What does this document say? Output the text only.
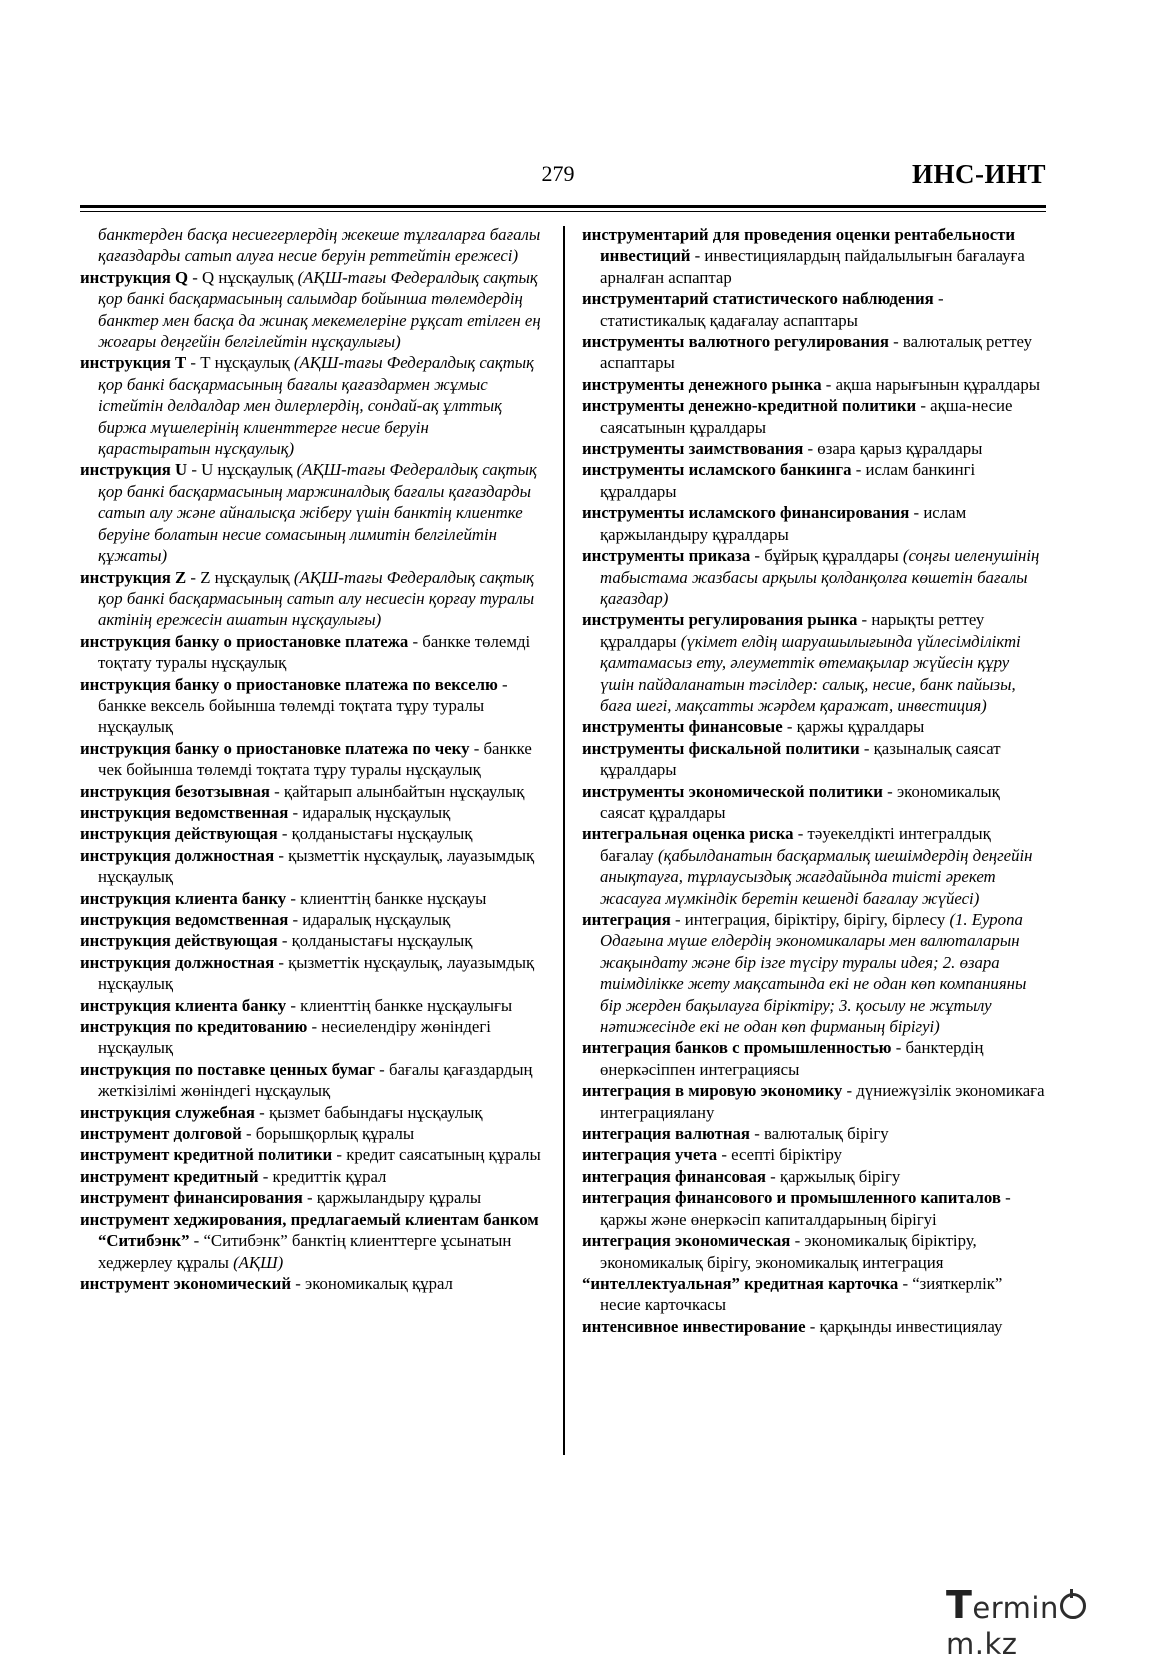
279	ИНС-ИНТ

банктерден басқа несиегерлердің жекеше тұлғаларға бағалы қағаздарды сатып алуға несие беруін реттейтін ережесі)

инструкция Q - Q нұсқаулық (АҚШ-тағы Федералдық сақтық қор банкі басқармасының салымдар бойынша төлемдердің банктер мен басқа да жинақ мекемелеріне рұқсат етілген ең жоғары деңгейін белгілейтін нұсқаулығы)

инструкция Т - Т нұсқаулық (АҚШ-тағы Федералдық сақтық қор банкі басқармасының бағалы қағаздармен жұмыс істейтін делдалдар мен дилерлердің, сондай-ақ ұлттық биржа мүшелерінің клиенттерге несие беруін қарастыратын нұсқаулық)

инструкция U - U нұсқаулық (АҚШ-тағы Федералдық сақтық қор банкі басқармасының маржиналдық бағалы қағаздарды сатып алу және айналысқа жіберу үшін банктің клиентке беруіне болатын несие сомасының лимитін белгілейтін құжаты)

инструкция Z - Z нұсқаулық (АҚШ-тағы Федералдық сақтық қор банкі басқармасының сатып алу несиесін қорғау туралы актінің ережесін ашатын нұсқаулығы)

инструкция банку о приостановке платежа - банкке төлемді тоқтату туралы нұсқаулық

инструкция банку о приостановке платежа по векселю - банкке вексель бойынша төлемді тоқтата тұру туралы нұсқаулық

инструкция банку о приостановке платежа по чеку - банкке чек бойынша төлемді тоқтата тұру туралы нұсқаулық

инструкция безотзывная - қайтарып алынбайтын нұсқаулық

инструкция ведомственная - идаралық нұсқаулық

инструкция действующая - қолданыстағы нұсқаулық

инструкция должностная - қызметтік нұсқаулық, лауазымдық нұсқаулық

инструкция клиента банку - клиенттің банкке нұсқауы

инструкция ведомственная - идаралық нұсқаулық

инструкция действующая - қолданыстағы нұсқаулық

инструкция должностная - қызметтік нұсқаулық, лауазымдық нұсқаулық

инструкция клиента банку - клиенттің банкке нұсқаулығы

инструкция по кредитованию - несиелендіру жөніндегі нұсқаулық

инструкция по поставке ценных бумаг - бағалы қағаздардың жеткізілімі жөніндегі нұсқаулық

инструкция служебная - қызмет бабындағы нұсқаулық

инструмент долговой - борышқорлық құралы

инструмент кредитной политики - кредит саясатының құралы

инструмент кредитный - кредиттік құрал

инструмент финансирования - қаржыландыру құралы

инструмент хеджирования, предлагаемый клиентам банком “Ситибэнк” - “Ситибэнк” банктің клиенттерге ұсынатын хеджерлеу құралы (АҚШ)

инструмент экономический - экономикалық құрал

инструментарий для проведения оценки рентабельности инвестиций - инвестициялардың пайдалылығын бағалауға арналған аспаптар

инструментарий статистического наблюдения - статистикалық қадағалау аспаптары

инструменты валютного регулирования - валюталық реттеу аспаптары

инструменты денежного рынка - ақша нарығынын құралдары

инструменты денежно-кредитной политики - ақша-несие саясатынын құралдары

инструменты заимствования - өзара қарыз құралдары

инструменты исламского банкинга - ислам банкингі құралдары

инструменты исламского финансирования - ислам қаржыландыру құралдары

инструменты приказа - бұйрық құралдары (соңғы иеленушінің табыстама жазбасы арқылы қолданқолға көшетін бағалы қағаздар)

инструменты регулирования рынка - нарықты реттеу құралдары (үкімет елдің шаруашылығында үйлесімділікті қамтамасыз ету, әлеуметтік өтемақылар жүйесін құру үшін пайдаланатын тәсілдер: салық, несие, банк пайызы, баға шегі, мақсатты жәрдем қаражат, инвестиция)

инструменты финансовые - қаржы құралдары

инструменты фискальной политики - қазыналық саясат құралдары

инструменты экономической политики - экономикалық саясат құралдары

интегральная оценка риска - тәуекелдікті интегралдық бағалау (қабылданатын басқармалық шешімдердің деңгейін анықтауға, тұрлаусыздық жағдайында тиісті әрекет жасауға мүмкіндік беретін кешенді бағалау жүйесі)

интеграция - интеграция, біріктіру, бірігу, бірлесу (1. Еуропа Одағына мүше елдердің экономикалары мен валюталарын жақындату және бір ізге түсіру туралы идея; 2. өзара тиімділікке жету мақсатында екі не одан көп компанияны бір жерден бақылауға біріктіру; 3. қосылу не жұтылу нәтижесінде екі не одан көп фирманың бірігуі)

интеграция банков с промышленностью - банктердің өнеркәсіппен интеграциясы

интеграция в мировую экономику - дүниежүзілік экономикаға интеграциялану

интеграция валютная - валюталық бірігу

интеграция учета - есепті біріктіру

интеграция финансовая - қаржылық бірігу

интеграция финансового и промышленного капиталов - қаржы және өнеркәсіп капиталдарының бірігуі

интеграция экономическая - экономикалық біріктіру, экономикалық бірігу, экономикалық интеграция

“интеллектуальная” кредитная карточка - “зияткерлік” несие карточкасы

интенсивное инвестирование - қарқынды инвестициялау

Terminm.kz
